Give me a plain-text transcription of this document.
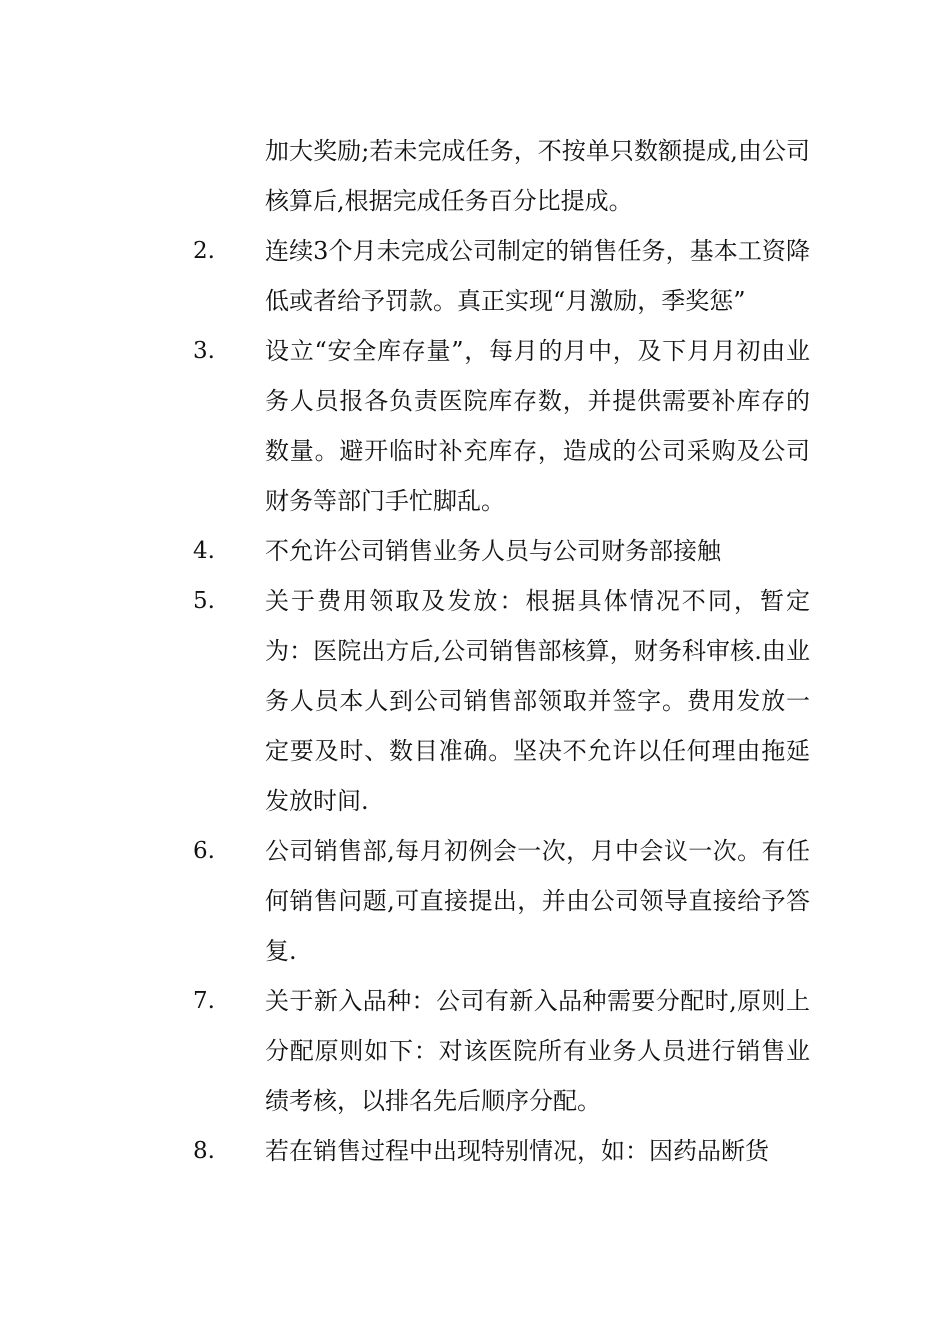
加大奖励;若未完成任务，不按单只数额提成,由公司核算后,根据完成任务百分比提成。
2. 连续3个月未完成公司制定的销售任务，基本工资降低或者给予罚款。真正实现“月激励，季奖惩”
3. 设立“安全库存量”，每月的月中，及下月月初由业务人员报各负责医院库存数，并提供需要补库存的数量。避开临时补充库存，造成的公司采购及公司财务等部门手忙脚乱。
4. 不允许公司销售业务人员与公司财务部接触
5. 关于费用领取及发放：根据具体情况不同，暂定为：医院出方后,公司销售部核算，财务科审核.由业务人员本人到公司销售部领取并签字。费用发放一定要及时、数目准确。坚决不允许以任何理由拖延发放时间.
6. 公司销售部,每月初例会一次，月中会议一次。有任何销售问题,可直接提出，并由公司领导直接给予答复.
7. 关于新入品种：公司有新入品种需要分配时,原则上分配原则如下：对该医院所有业务人员进行销售业绩考核，以排名先后顺序分配。
8. 若在销售过程中出现特别情况，如：因药品断货
